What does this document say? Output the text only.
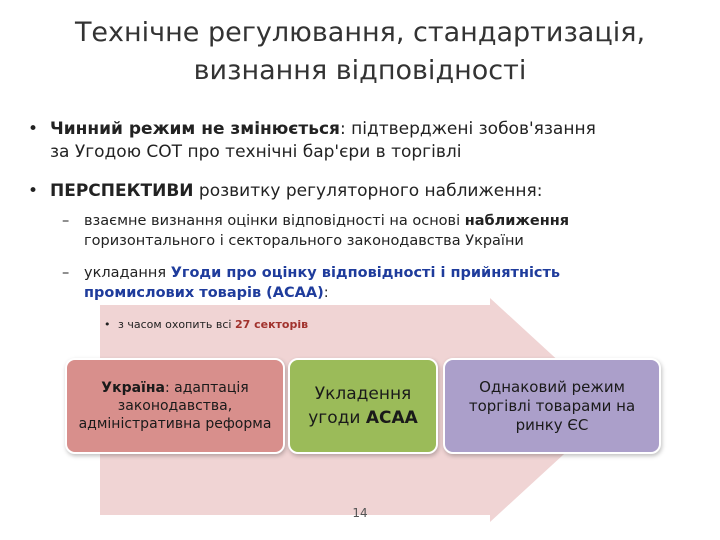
Технічне регулювання, стандартизація,
визнання відповідності
• Чинний режим не змінюється: підтверджені зобов'язання
за Угодою СОТ про технічні бар'єри в торгівлі
• ПЕРСПЕКТИВИ розвитку регуляторного наближення:
– взаємне визнання оцінки відповідності на основі наближення
горизонтального і секторального законодавства України
– укладання Угоди про оцінку відповідності і прийнятність
промислових товарів (АСАА):
• з часом охопить всі 27 секторів
Україна: адаптація законодавства, адміністративна реформа
Укладення
угоди АСАА
Однаковий режим торгівлі товарами на ринку ЄС
14
